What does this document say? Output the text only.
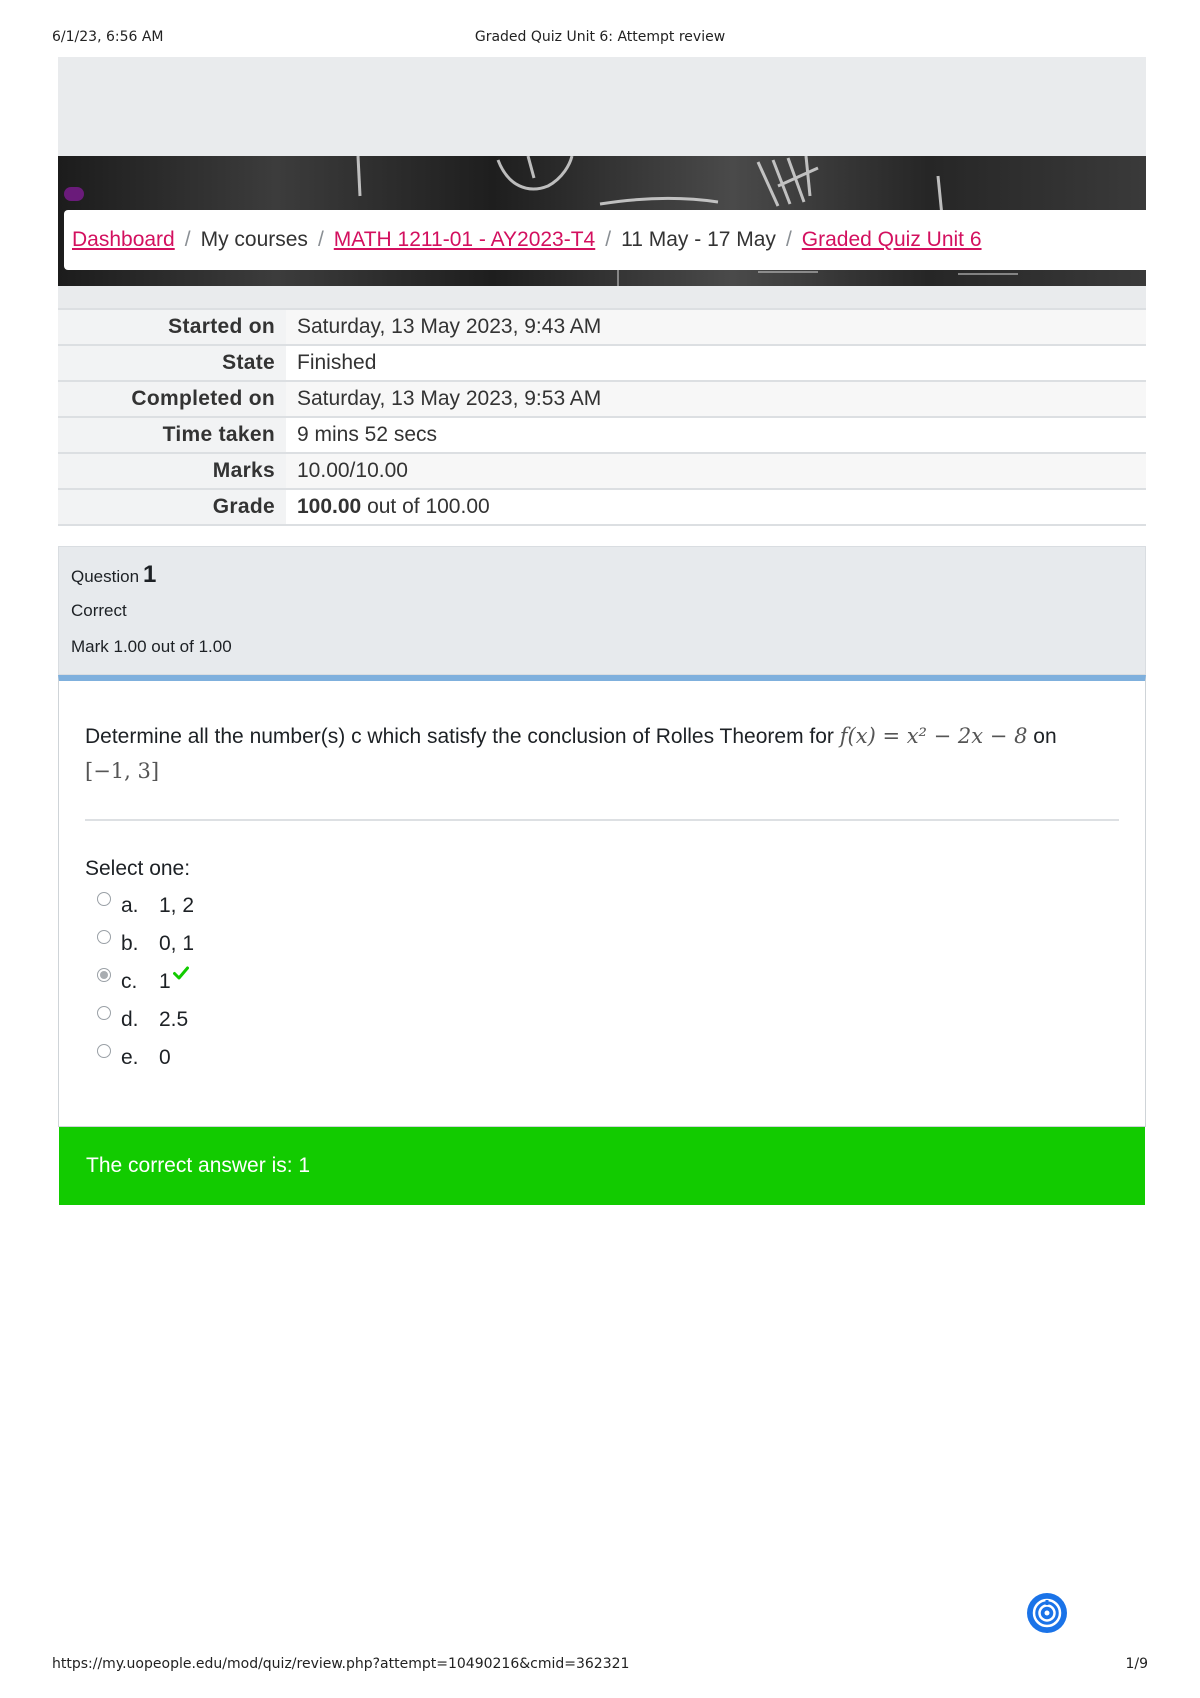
6/1/23, 6:56 AM	Graded Quiz Unit 6: Attempt review
Dashboard / My courses / MATH 1211-01 - AY2023-T4 / 11 May - 17 May / Graded Quiz Unit 6
Started on	Saturday, 13 May 2023, 9:43 AM
State	Finished
Completed on	Saturday, 13 May 2023, 9:53 AM
Time taken	9 mins 52 secs
Marks	10.00/10.00
Grade	100.00 out of 100.00
Question 1
Correct
Mark 1.00 out of 1.00
Determine all the number(s) c which satisfy the conclusion of Rolles Theorem for f(x) = x² − 2x − 8 on
[−1, 3]
Select one:
a. 1, 2
b. 0, 1
c.	1
d. 2.5
e. 0
The correct answer is: 1
https://my.uopeople.edu/mod/quiz/review.php?attempt=10490216&cmid=362321	1/9
